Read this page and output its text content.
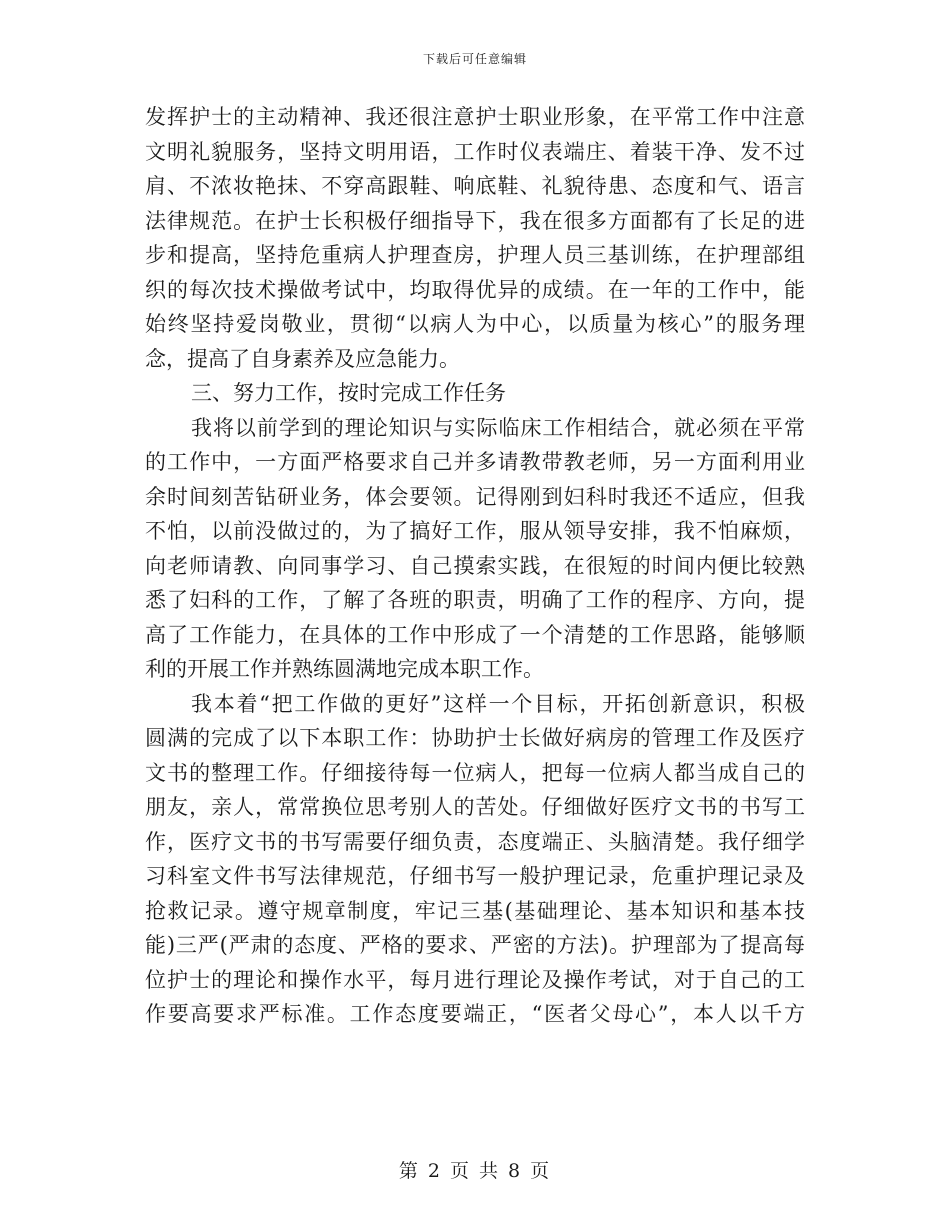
下载后可任意编辑
发挥护士的主动精神、我还很注意护士职业形象，在平常工作中注意
文明礼貌服务，坚持文明用语，工作时仪表端庄、着装干净、发不过
肩、不浓妆艳抹、不穿高跟鞋、响底鞋、礼貌待患、态度和气、语言
法律规范。在护士长积极仔细指导下，我在很多方面都有了长足的进
步和提高，坚持危重病人护理查房，护理人员三基训练，在护理部组
织的每次技术操做考试中，均取得优异的成绩。在一年的工作中，能
始终坚持爱岗敬业，贯彻“以病人为中心，以质量为核心”的服务理
念，提高了自身素养及应急能力。
三、努力工作，按时完成工作任务
我将以前学到的理论知识与实际临床工作相结合，就必须在平常
的工作中，一方面严格要求自己并多请教带教老师，另一方面利用业
余时间刻苦钻研业务，体会要领。记得刚到妇科时我还不适应，但我
不怕，以前没做过的，为了搞好工作，服从领导安排，我不怕麻烦，
向老师请教、向同事学习、自己摸索实践，在很短的时间内便比较熟
悉了妇科的工作，了解了各班的职责，明确了工作的程序、方向，提
高了工作能力，在具体的工作中形成了一个清楚的工作思路，能够顺
利的开展工作并熟练圆满地完成本职工作。
我本着“把工作做的更好”这样一个目标，开拓创新意识，积极
圆满的完成了以下本职工作：协助护士长做好病房的管理工作及医疗
文书的整理工作。仔细接待每一位病人，把每一位病人都当成自己的
朋友，亲人，常常换位思考别人的苦处。仔细做好医疗文书的书写工
作，医疗文书的书写需要仔细负责，态度端正、头脑清楚。我仔细学
习科室文件书写法律规范，仔细书写一般护理记录，危重护理记录及
抢救记录。遵守规章制度，牢记三基(基础理论、基本知识和基本技
能)三严(严肃的态度、严格的要求、严密的方法)。护理部为了提高每
位护士的理论和操作水平，每月进行理论及操作考试，对于自己的工
作要高要求严标准。工作态度要端正，“医者父母心”，本人以千方
第 2 页 共 8 页
